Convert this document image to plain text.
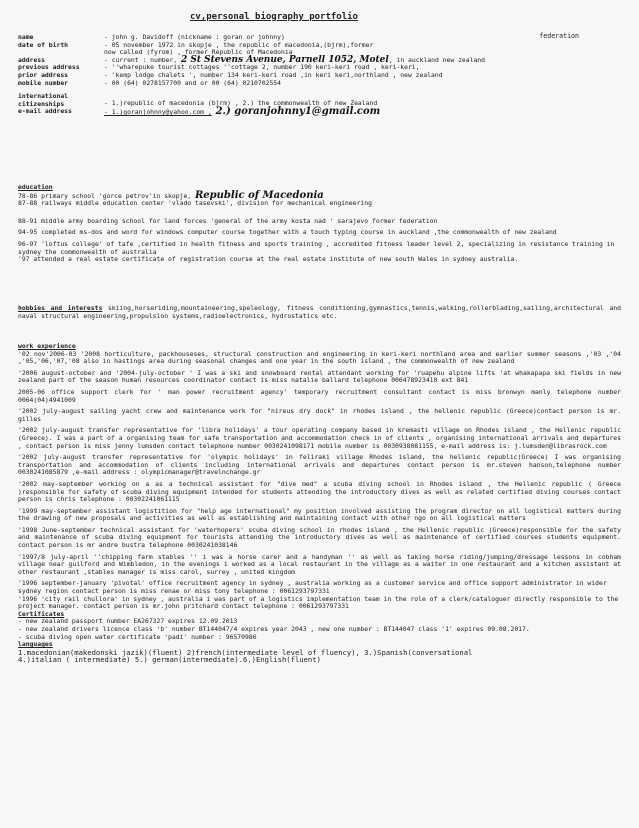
cv,personal biography portfolio
federation
name	- john g. Davidoff (nickname : goran or johnny)
date of birth	- 05 november 1972 in skopje , the republic of macedonia,(bjrm),former
now called (fyrom) , former Republic of Macedonia
address	- current : number, 2 St Stevens Avenue, Parnell 1052, Motel, in auckland new zealand
previous address	- ''wharepuke tourist cottages ''cottage 2, number 190 keri-keri road , keri-keri,
prior address	- 'kemp lodge chalets ', number 134 keri-keri road ,in keri keri,northland , new zealand
mobile number	- 00 (64) 0278157700 and or 00 (64) 0210702554
international citizenships	- 1.)republic of macedonia (bjrm) , 2.) the commonwealth of new Zealand
e-mail address	- 1.)goranjohnny@yahoo.com , 2.) goranjohnny1@gmail.com
education
78-86 primary school 'gorce petrov'in skopje, Republic of Macedonia
87-88 railways middle education center 'vlado tasevski', division for mechanical engineering
88-91 middle army boarding school for land forces 'general of the army kosta nad ' sarajevo former federation
94-95 completed ms-dos and word for windows computer course together with a touch typing course in auckland ,the commonwealth of new zealand
96-97 'loftus college' of tafe ,certified in health fitness and sports training , accredited fitness leader level 2, specializing in resistance training in sydney the commonwealth of australia
'97 attended a real estate certificate of registration course at the real estate institute of new south Wales in sydney australia.
hobbies and interests skiing,horseriding,mountaineering,speleology, fitness conditioning,gymnastics,tennis,walking,rollerblading,sailing,architectural and naval structural engineering,propulsion systems,radioelectronics, hydrostatics etc.
work experience
'02 nov'2006-03 '2008 horticulture, packhouseses, structural construction and engineering in keri-keri northland area and earlier summer seasons ,'03 ,'04 ,'05,'06,'07,'08 also in hastings area during seasonal changes and one year in the south island , the commonwealth of new zealand
'2006 august-october and '2004-july-october ' I was a ski and snowboard rental attendant working for 'ruapehu alpine lifts 'at whakapapa ski fields in new zealand part of the season human resources coordinator contact is miss natalie ballard telephone 006478923410 ext 841
2005-06 office support clerk for ' man power recruitment agency' temporary recruitment consultant contact is miss bronwyn manly telephone number 0064(04)4941009
'2002 july-august sailing yacht crew and maintenance work for "nireus dry dock" in rhodes island , the hellenic republic (Greece)contact person is mr. gilles
'2002 july-august transfer representative for 'libra holidays' a tour operating company based in kremasti village on Rhodes island , the Hellenic republic (Greece). I was a part of a organising team for safe transportation and accommodation check in of clients , organising international arrivals and departures , contact person is miss jenny lumsden contact telephone number 0030241098171 mobile number is 0030938081155, e-mail address is: j.lumsden@librasrock.com
'2002 july-august transfer representative for 'olympic holidays' in feliraki village Rhodes island, the hellenic republic(Greece) I was organising transportation and accommodation of clients including international arrivals and departures contact person is mr.steven hanson,telephone number 0030241085879 ,e-mail address : olympicmanager@travelnchange.gr
'2002 may-september working on a as a technical assistant for "dive med" a scuba diving school in Rhodes island , the Hellenic republic ( Greece )responsible for safety of scuba diving equipment intended for students attending the introductory dives as well as related certified diving courses contact person is chris telephone : 00302241061115
'1999 may-september assistant logistition for "help age international" my position involved assisting the program director on all logistical matters during the drawing of new proposals and activities as well as establishing and maintaining contact with other ngo on all logistical matters
'1998 June-september technical assistant for 'waterhopers' scuba diving school in rhodes island , the Hellenic republic (Greece)responsible for the safety and maintenance of scuba diving equipment for tourists attending the introductory dives as well as maintenance of certified courses students equipment. contact person is mr andre bustra telephone 0030241038146
'1997/8 july-april ''chipping farm stables '' i was a horse carer and a handyman '' as well as taking horse riding/jumping/dressage lessons in cobham village near guilford and Wimbledon, in the evenings i worked as a local restaurant in the village as a waiter in one restaurant and a kitchen assistant at other restaurant ,stables manager is miss carol, surrey , united kingdom
'1996 september-january 'pivotal' office recruitment agency in sydney , australia working as a customer service and office support administrator in wider sydney region contact person is miss renae or miss tony telephone : 0061293797331
'1996 'city rail chullora' in sydney , australia i was part of a logistics implementation team in the role of a clerk/cataloguer directly responsible to the project manager. contact person is mr.john pritchard contact telephone : 0061293797331
Certificates
- new zealand passport number EA267327 expires 12.09.2013
- new zealand drivers licence class 'b' number BT144047/4 expires year 2043 , new one number : BT144047 class '1' expires 09.08.2017.
- scuba diving open water certificate 'padi' number : 96570986
languages
1.macedonian(makedonski jazik)(fluent) 2)french(intermediate level of fluency), 3.)Spanish(conversational
4.)italian ( intermediate) 5.) german(intermediate).6.)English(fluent)
